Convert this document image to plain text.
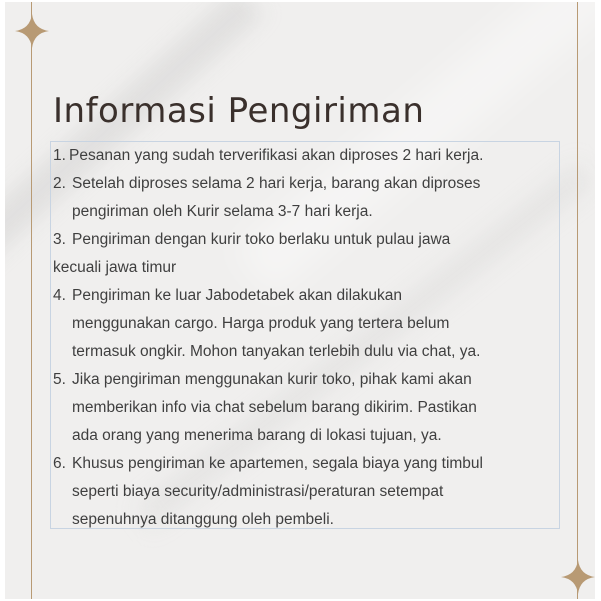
Informasi Pengiriman
1. Pesanan yang sudah terverifikasi akan diproses 2 hari kerja.
2. Setelah diproses selama 2 hari kerja, barang akan diproses
pengiriman oleh Kurir selama 3-7 hari kerja.
3. Pengiriman dengan kurir toko berlaku untuk pulau jawa
kecuali jawa timur
4. Pengiriman ke luar Jabodetabek akan dilakukan
menggunakan cargo. Harga produk yang tertera belum
termasuk ongkir. Mohon tanyakan terlebih dulu via chat, ya.
5. Jika pengiriman menggunakan kurir toko, pihak kami akan
memberikan info via chat sebelum barang dikirim. Pastikan
ada orang yang menerima barang di lokasi tujuan, ya.
6. Khusus pengiriman ke apartemen, segala biaya yang timbul
seperti biaya security/administrasi/peraturan setempat
sepenuhnya ditanggung oleh pembeli.
